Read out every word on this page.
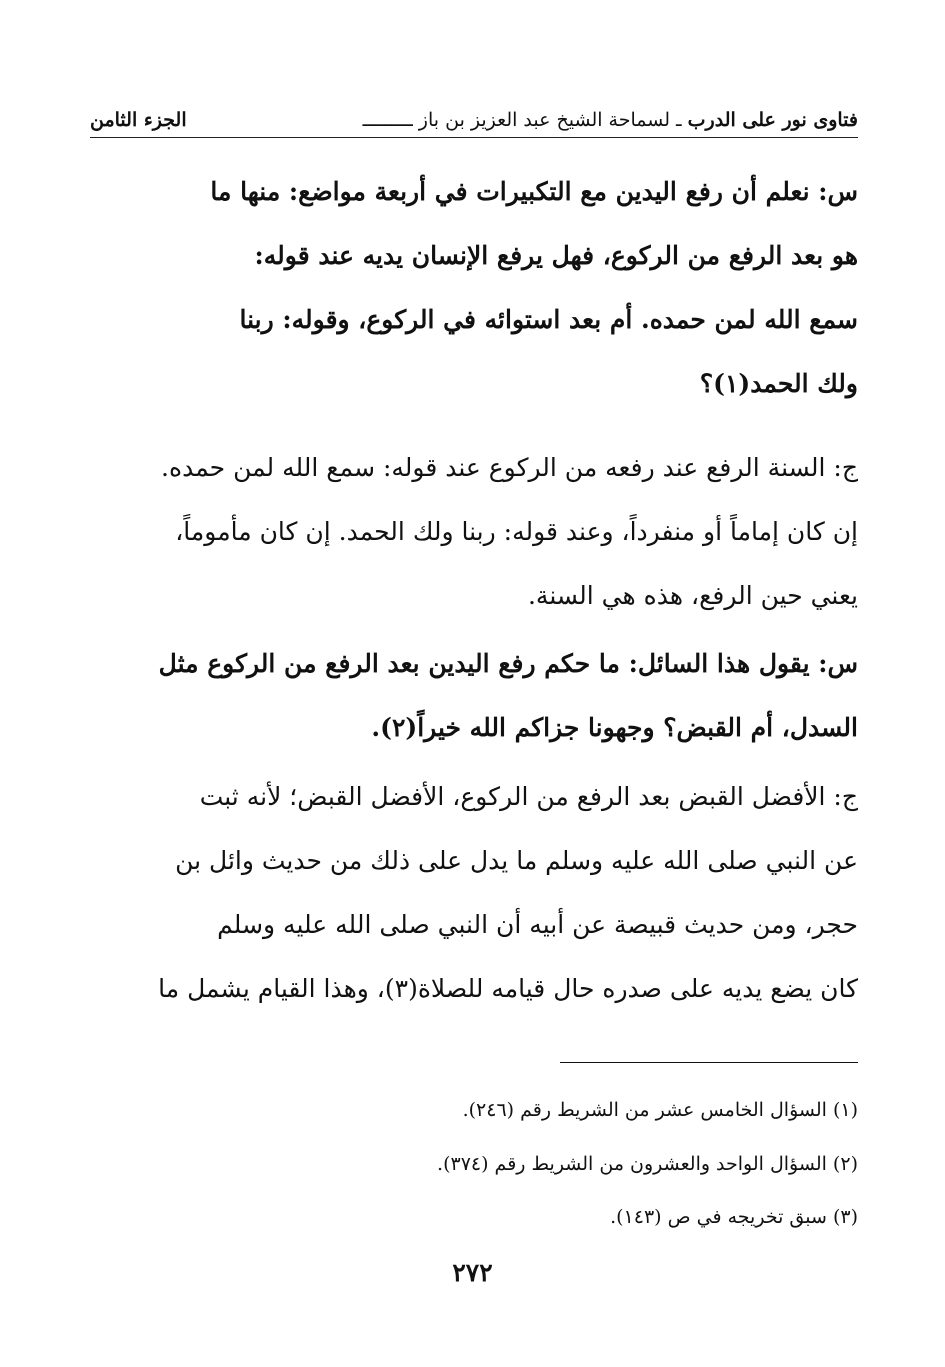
فتاوى نور على الدرب ـ لسماحة الشيخ عبد العزيز بن باز ـــــــــ
الجزء الثامن
س: نعلم أن رفع اليدين مع التكبيرات في أربعة مواضع: منها ما
هو بعد الرفع من الركوع، فهل يرفع الإنسان يديه عند قوله:
سمع الله لمن حمده. أم بعد استوائه في الركوع، وقوله: ربنا
ولك الحمد(١)؟
ج: السنة الرفع عند رفعه من الركوع عند قوله: سمع الله لمن حمده.
إن كان إماماً أو منفرداً، وعند قوله: ربنا ولك الحمد. إن كان مأموماً،
يعني حين الرفع، هذه هي السنة.
س: يقول هذا السائل: ما حكم رفع اليدين بعد الرفع من الركوع مثل
السدل، أم القبض؟ وجهونا جزاكم الله خيراً(٢).
ج: الأفضل القبض بعد الرفع من الركوع، الأفضل القبض؛ لأنه ثبت
عن النبي صلى الله عليه وسلم ما يدل على ذلك من حديث وائل بن
حجر، ومن حديث قبيصة عن أبيه أن النبي صلى الله عليه وسلم
كان يضع يديه على صدره حال قيامه للصلاة(٣)، وهذا القيام يشمل ما
(١) السؤال الخامس عشر من الشريط رقم (٢٤٦).
(٢) السؤال الواحد والعشرون من الشريط رقم (٣٧٤).
(٣) سبق تخريجه في ص (١٤٣).
٢٧٢
